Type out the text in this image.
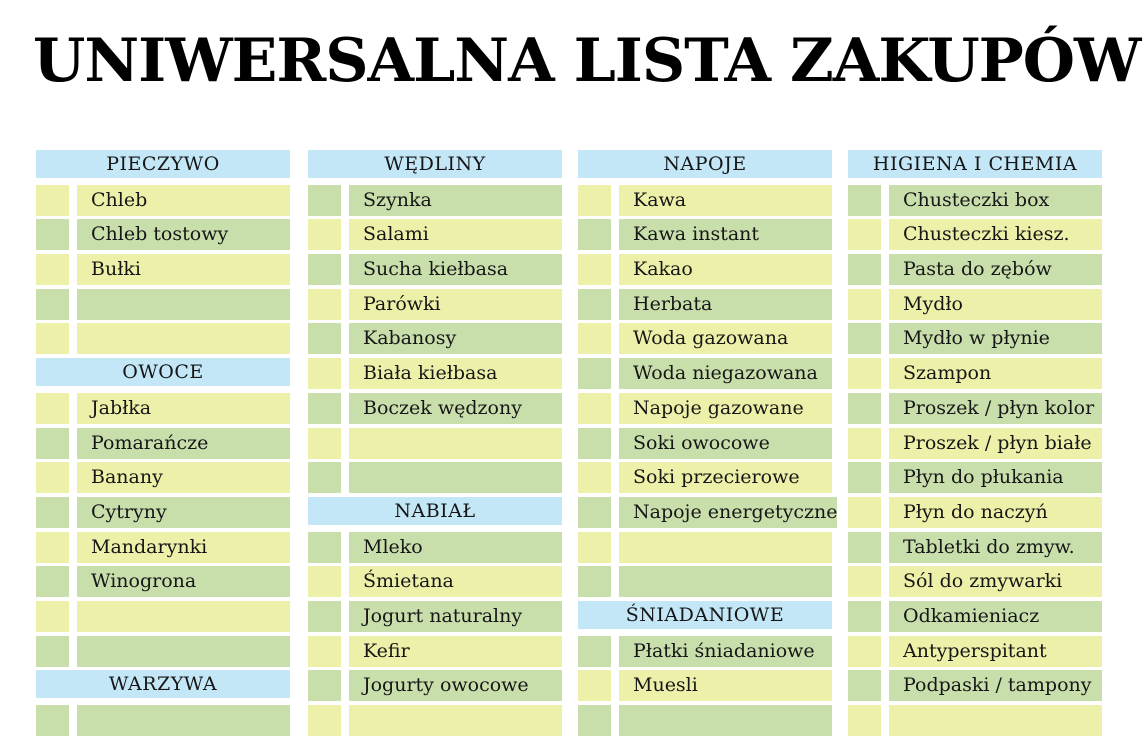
UNIWERSALNA LISTA ZAKUPÓW
PIECZYWO
Chleb
Chleb tostowy
Bułki
OWOCE
Jabłka
Pomarańcze
Banany
Cytryny
Mandarynki
Winogrona
WARZYWA
WĘDLINY
Szynka
Salami
Sucha kiełbasa
Parówki
Kabanosy
Biała kiełbasa
Boczek wędzony
NABIAŁ
Mleko
Śmietana
Jogurt naturalny
Kefir
Jogurty owocowe
NAPOJE
Kawa
Kawa instant
Kakao
Herbata
Woda gazowana
Woda niegazowana
Napoje gazowane
Soki owocowe
Soki przecierowe
Napoje energetyczne
ŚNIADANIOWE
Płatki śniadaniowe
Muesli
HIGIENA I CHEMIA
Chusteczki box
Chusteczki kiesz.
Pasta do zębów
Mydło
Mydło w płynie
Szampon
Proszek / płyn kolor
Proszek / płyn białe
Płyn do płukania
Płyn do naczyń
Tabletki do zmyw.
Sól do zmywarki
Odkamieniacz
Antyperspitant
Podpaski / tampony
